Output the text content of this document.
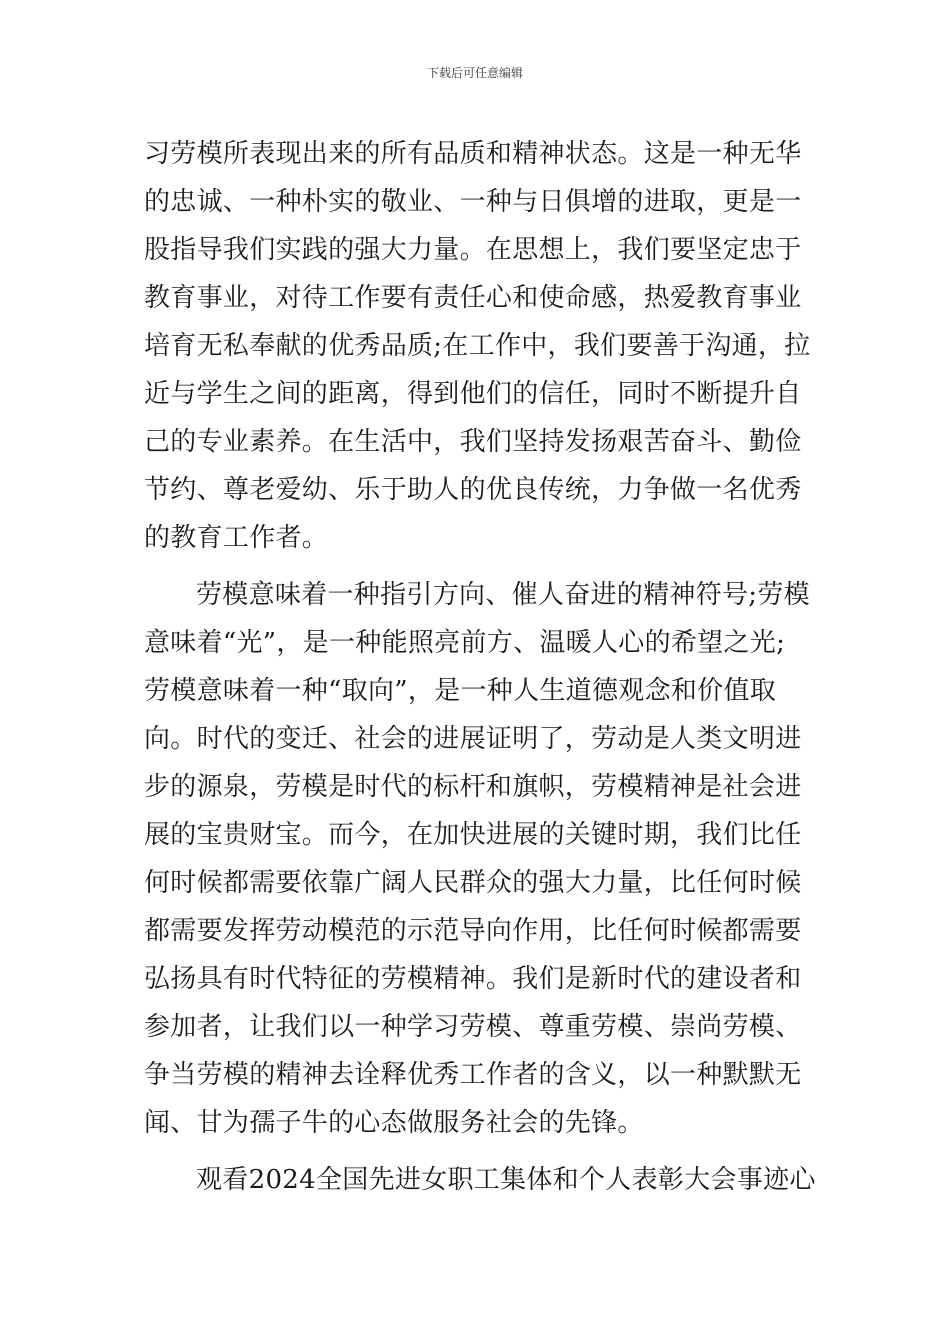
下载后可任意编辑
习劳模所表现出来的所有品质和精神状态。这是一种无华
的忠诚、一种朴实的敬业、一种与日俱增的进取，更是一
股指导我们实践的强大力量。在思想上，我们要坚定忠于
教育事业，对待工作要有责任心和使命感，热爱教育事业
培育无私奉献的优秀品质;在工作中，我们要善于沟通，拉
近与学生之间的距离，得到他们的信任，同时不断提升自
己的专业素养。在生活中，我们坚持发扬艰苦奋斗、勤俭
节约、尊老爱幼、乐于助人的优良传统，力争做一名优秀
的教育工作者。
劳模意味着一种指引方向、催人奋进的精神符号;劳模
意味着“光”，是一种能照亮前方、温暖人心的希望之光;
劳模意味着一种“取向”，是一种人生道德观念和价值取
向。时代的变迁、社会的进展证明了，劳动是人类文明进
步的源泉，劳模是时代的标杆和旗帜，劳模精神是社会进
展的宝贵财宝。而今，在加快进展的关键时期，我们比任
何时候都需要依靠广阔人民群众的强大力量，比任何时候
都需要发挥劳动模范的示范导向作用，比任何时候都需要
弘扬具有时代特征的劳模精神。我们是新时代的建设者和
参加者，让我们以一种学习劳模、尊重劳模、崇尚劳模、
争当劳模的精神去诠释优秀工作者的含义，以一种默默无
闻、甘为孺子牛的心态做服务社会的先锋。
观看2024全国先进女职工集体和个人表彰大会事迹心
